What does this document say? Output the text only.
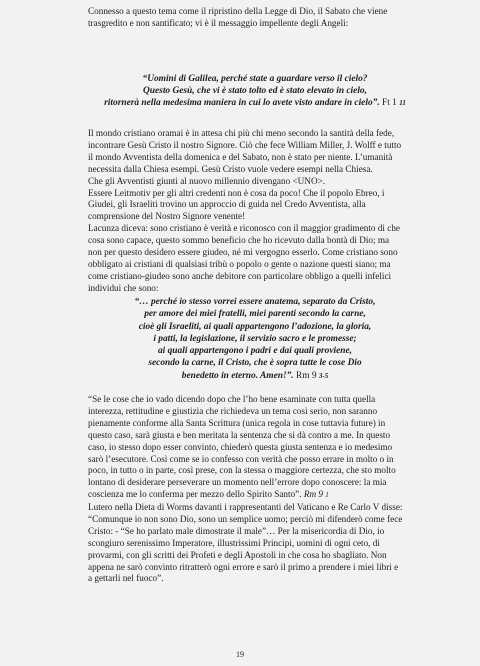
Connesso a questo tema come il ripristino della Legge di Dio, il Sabato che viene
trasgredito e non santificato; vi è il messaggio impellente degli Angeli:

“Uomini di Galilea, perché state a guardare verso il cielo?
Questo Gesù, che vi è stato tolto ed è stato elevato in cielo,
ritornerà nella medesima maniera in cui lo avete visto andare in cielo”. Ft 1 11

Il mondo cristiano oramai è in attesa chi più chi meno secondo la santità della fede,
incontrare Gesù Cristo il nostro Signore. Ciò che fece William Miller, J. Wolff e tutto
il mondo Avventista della domenica e del Sabato, non è stato per niente. L’umanità
necessita dalla Chiesa esempi. Gesù Cristo vuole vedere esempi nella Chiesa.
Che gli Avventisti giunti al nuovo millennio divengano <UNO>.
Essere Leitmotiv per gli altri credenti non è cosa da poco! Che il popolo Ebreo, i
Giudei, gli Israeliti trovino un approccio di guida nel Credo Avventista, alla
comprensione del Nostro Signore venente!
Lacunza diceva: sono cristiano è verità e riconosco con il maggior gradimento di che
cosa sono capace, questo sommo beneficio che ho ricevuto dalla bontà di Dio; ma
non per questo desidero essere giudeo, né mi vergogno esserlo. Come cristiano sono
obbligato ai cristiani di qualsiasi tribù o popolo o gente o nazione questi siano; ma
come cristiano-giudeo sono anche debitore con particolare obbligo a quelli infelici
individui che sono:

“… perché io stesso vorrei essere anatema, separato da Cristo,
per amore dei miei fratelli, miei parenti secondo la carne,
cioè gli Israeliti, ai quali appartengono l’adozione, la gloria,
i patti, la legislazione, il servizio sacro e le promesse;
ai quali appartengono i padri e dai quali proviene,
secondo la carne, il Cristo, che è sopra tutte le cose Dio
benedetto in eterno. Amen!”. Rm 9 3-5

“Se le cose che io vado dicendo dopo che l’ho bene esaminate con tutta quella
interezza, rettitudine e giustizia che richiedeva un tema così serio, non saranno
pienamente conforme alla Santa Scrittura (unica regola in cose tuttavia future) in
questo caso, sarà giusta e ben meritata la sentenza che si dà contro a me. In questo
caso, io stesso dopo esser convinto, chiederò questa giusta sentenza e io medesimo
sarò l’esecutore. Così come se io confesso con verità che posso errare in molto o in
poco, in tutto o in parte, così prese, con la stessa o maggiore certezza, che sto molto
lontano di desiderare perseverare un momento nell’errore dopo conoscere: la mia
coscienza me lo conferma per mezzo dello Spirito Santo”. Rm 9 1

Lutero nella Dieta di Worms davanti i rappresentanti del Vaticano e Re Carlo V disse:
“Comunque io non sono Dio, sono un semplice uomo; perciò mi difenderò come fece
Cristo: - “Se ho parlato male dimostrate il male”… Per la misericordia di Dio, io
scongiuro serenissimo Imperatore, illustrissimi Principi, uomini di ogni ceto, di
provarmi, con gli scritti dei Profeti e degli Apostoli in che cosa ho sbagliato. Non
appena ne sarò convinto ritratterò ogni errore e sarò il primo a prendere i miei libri e
a gettarli nel fuoco”.

19
